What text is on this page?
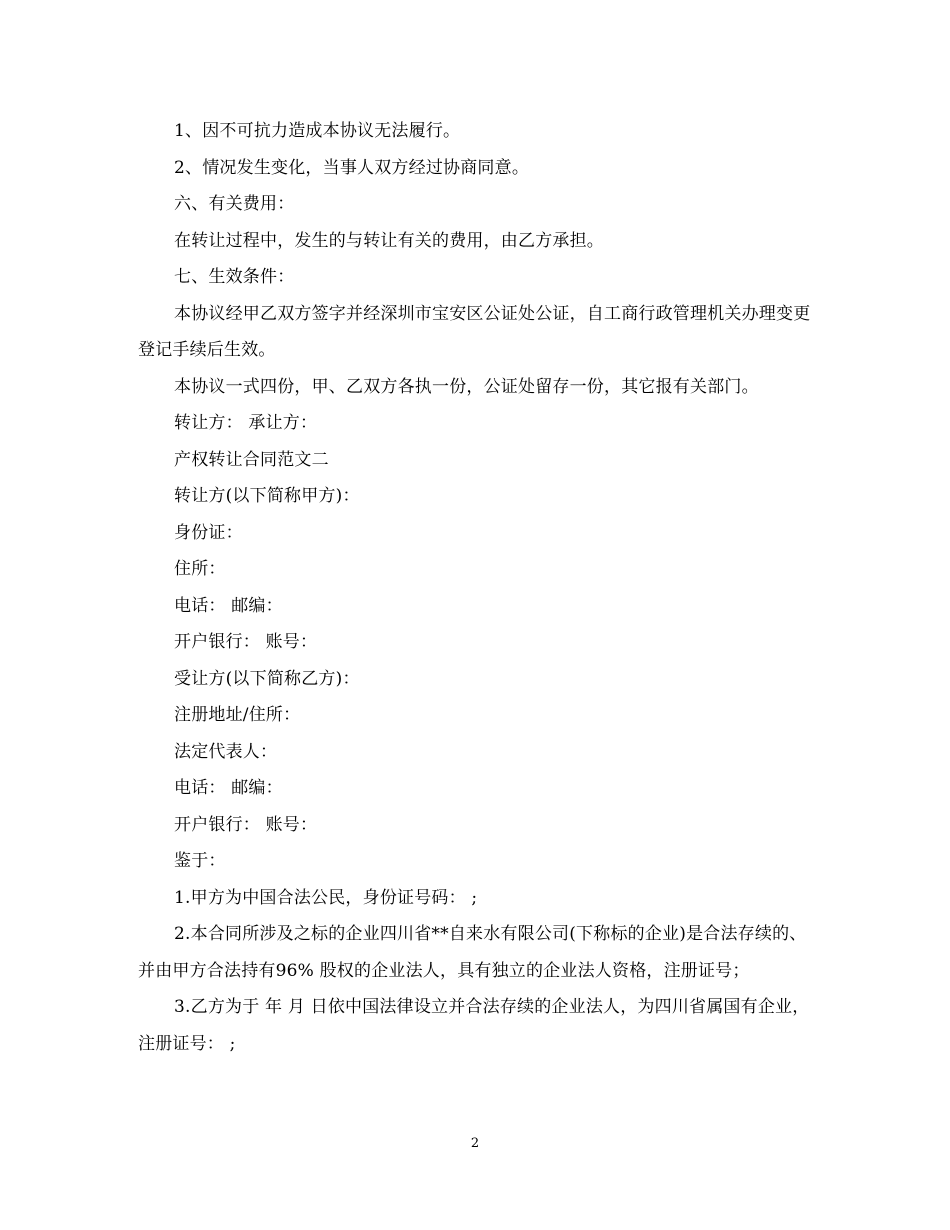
1、因不可抗力造成本协议无法履行。

2、情况发生变化，当事人双方经过协商同意。

六、有关费用：

在转让过程中，发生的与转让有关的费用，由乙方承担。

七、生效条件：

本协议经甲乙双方签字并经深圳市宝安区公证处公证，自工商行政管理机关办理变更登记手续后生效。

本协议一式四份，甲、乙双方各执一份，公证处留存一份，其它报有关部门。

转让方： 承让方：

产权转让合同范文二

转让方(以下简称甲方)：

身份证：

住所：

电话： 邮编：

开户银行： 账号：

受让方(以下简称乙方)：

注册地址/住所：

法定代表人：

电话： 邮编：

开户银行： 账号：

鉴于：

1.甲方为中国合法公民，身份证号码： ;

2.本合同所涉及之标的企业四川省**自来水有限公司(下称标的企业)是合法存续的、并由甲方合法持有96% 股权的企业法人，具有独立的企业法人资格，注册证号；

3.乙方为于 年 月 日依中国法律设立并合法存续的企业法人，为四川省属国有企业，注册证号： ;

2
